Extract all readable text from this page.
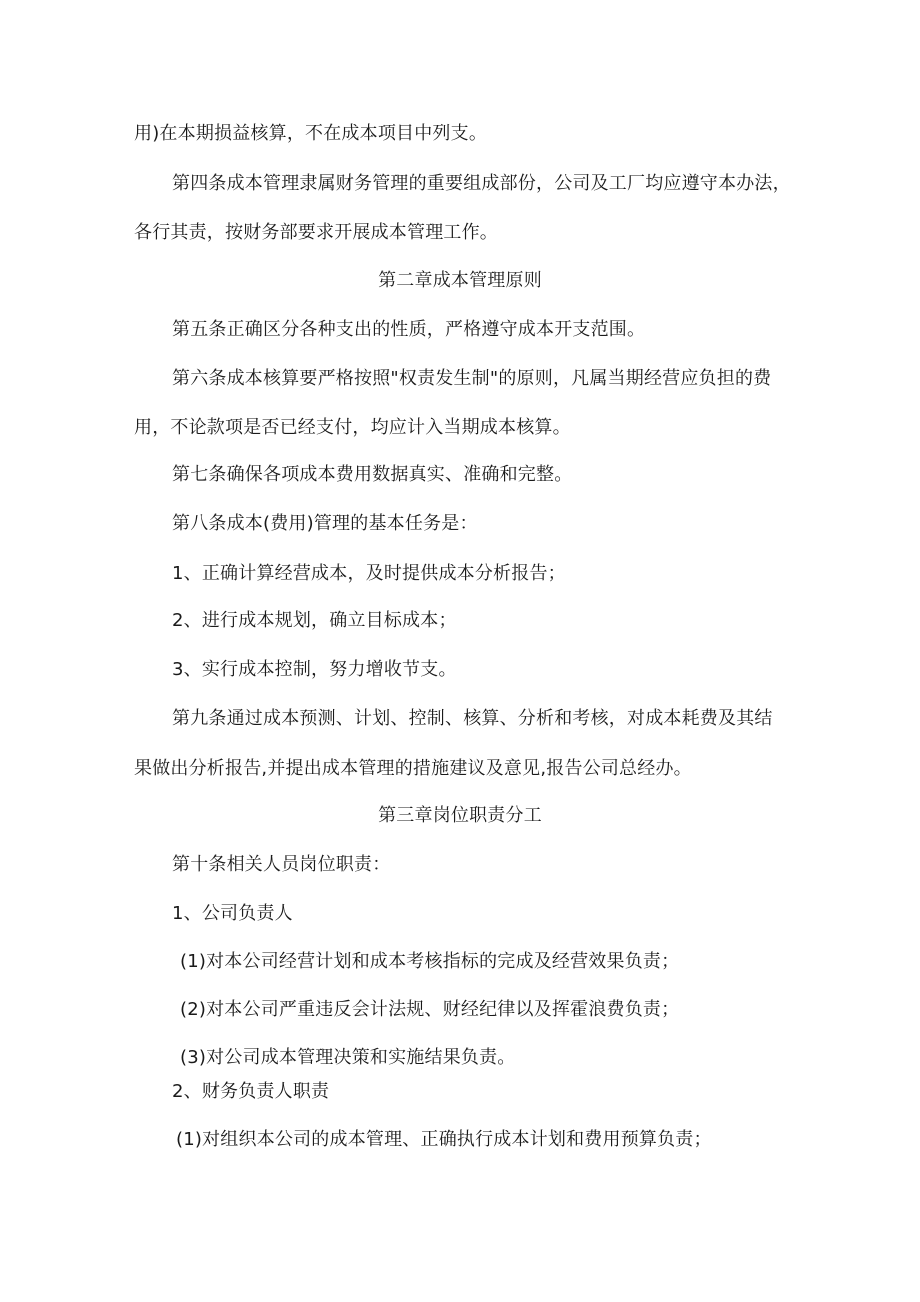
用)在本期损益核算，不在成本项目中列支。
第四条成本管理隶属财务管理的重要组成部份，公司及工厂均应遵守本办法，
各行其责，按财务部要求开展成本管理工作。
第二章成本管理原则
第五条正确区分各种支出的性质，严格遵守成本开支范围。
第六条成本核算要严格按照"权责发生制"的原则，凡属当期经营应负担的费
用，不论款项是否已经支付，均应计入当期成本核算。
第七条确保各项成本费用数据真实、准确和完整。
第八条成本(费用)管理的基本任务是：
1、正确计算经营成本，及时提供成本分析报告；
2、进行成本规划，确立目标成本；
3、实行成本控制，努力增收节支。
第九条通过成本预测、计划、控制、核算、分析和考核，对成本耗费及其结
果做出分析报告,并提出成本管理的措施建议及意见,报告公司总经办。
第三章岗位职责分工
第十条相关人员岗位职责：
1、公司负责人
(1)对本公司经营计划和成本考核指标的完成及经营效果负责；
(2)对本公司严重违反会计法规、财经纪律以及挥霍浪费负责；
(3)对公司成本管理决策和实施结果负责。
2、财务负责人职责
(1)对组织本公司的成本管理、正确执行成本计划和费用预算负责；
